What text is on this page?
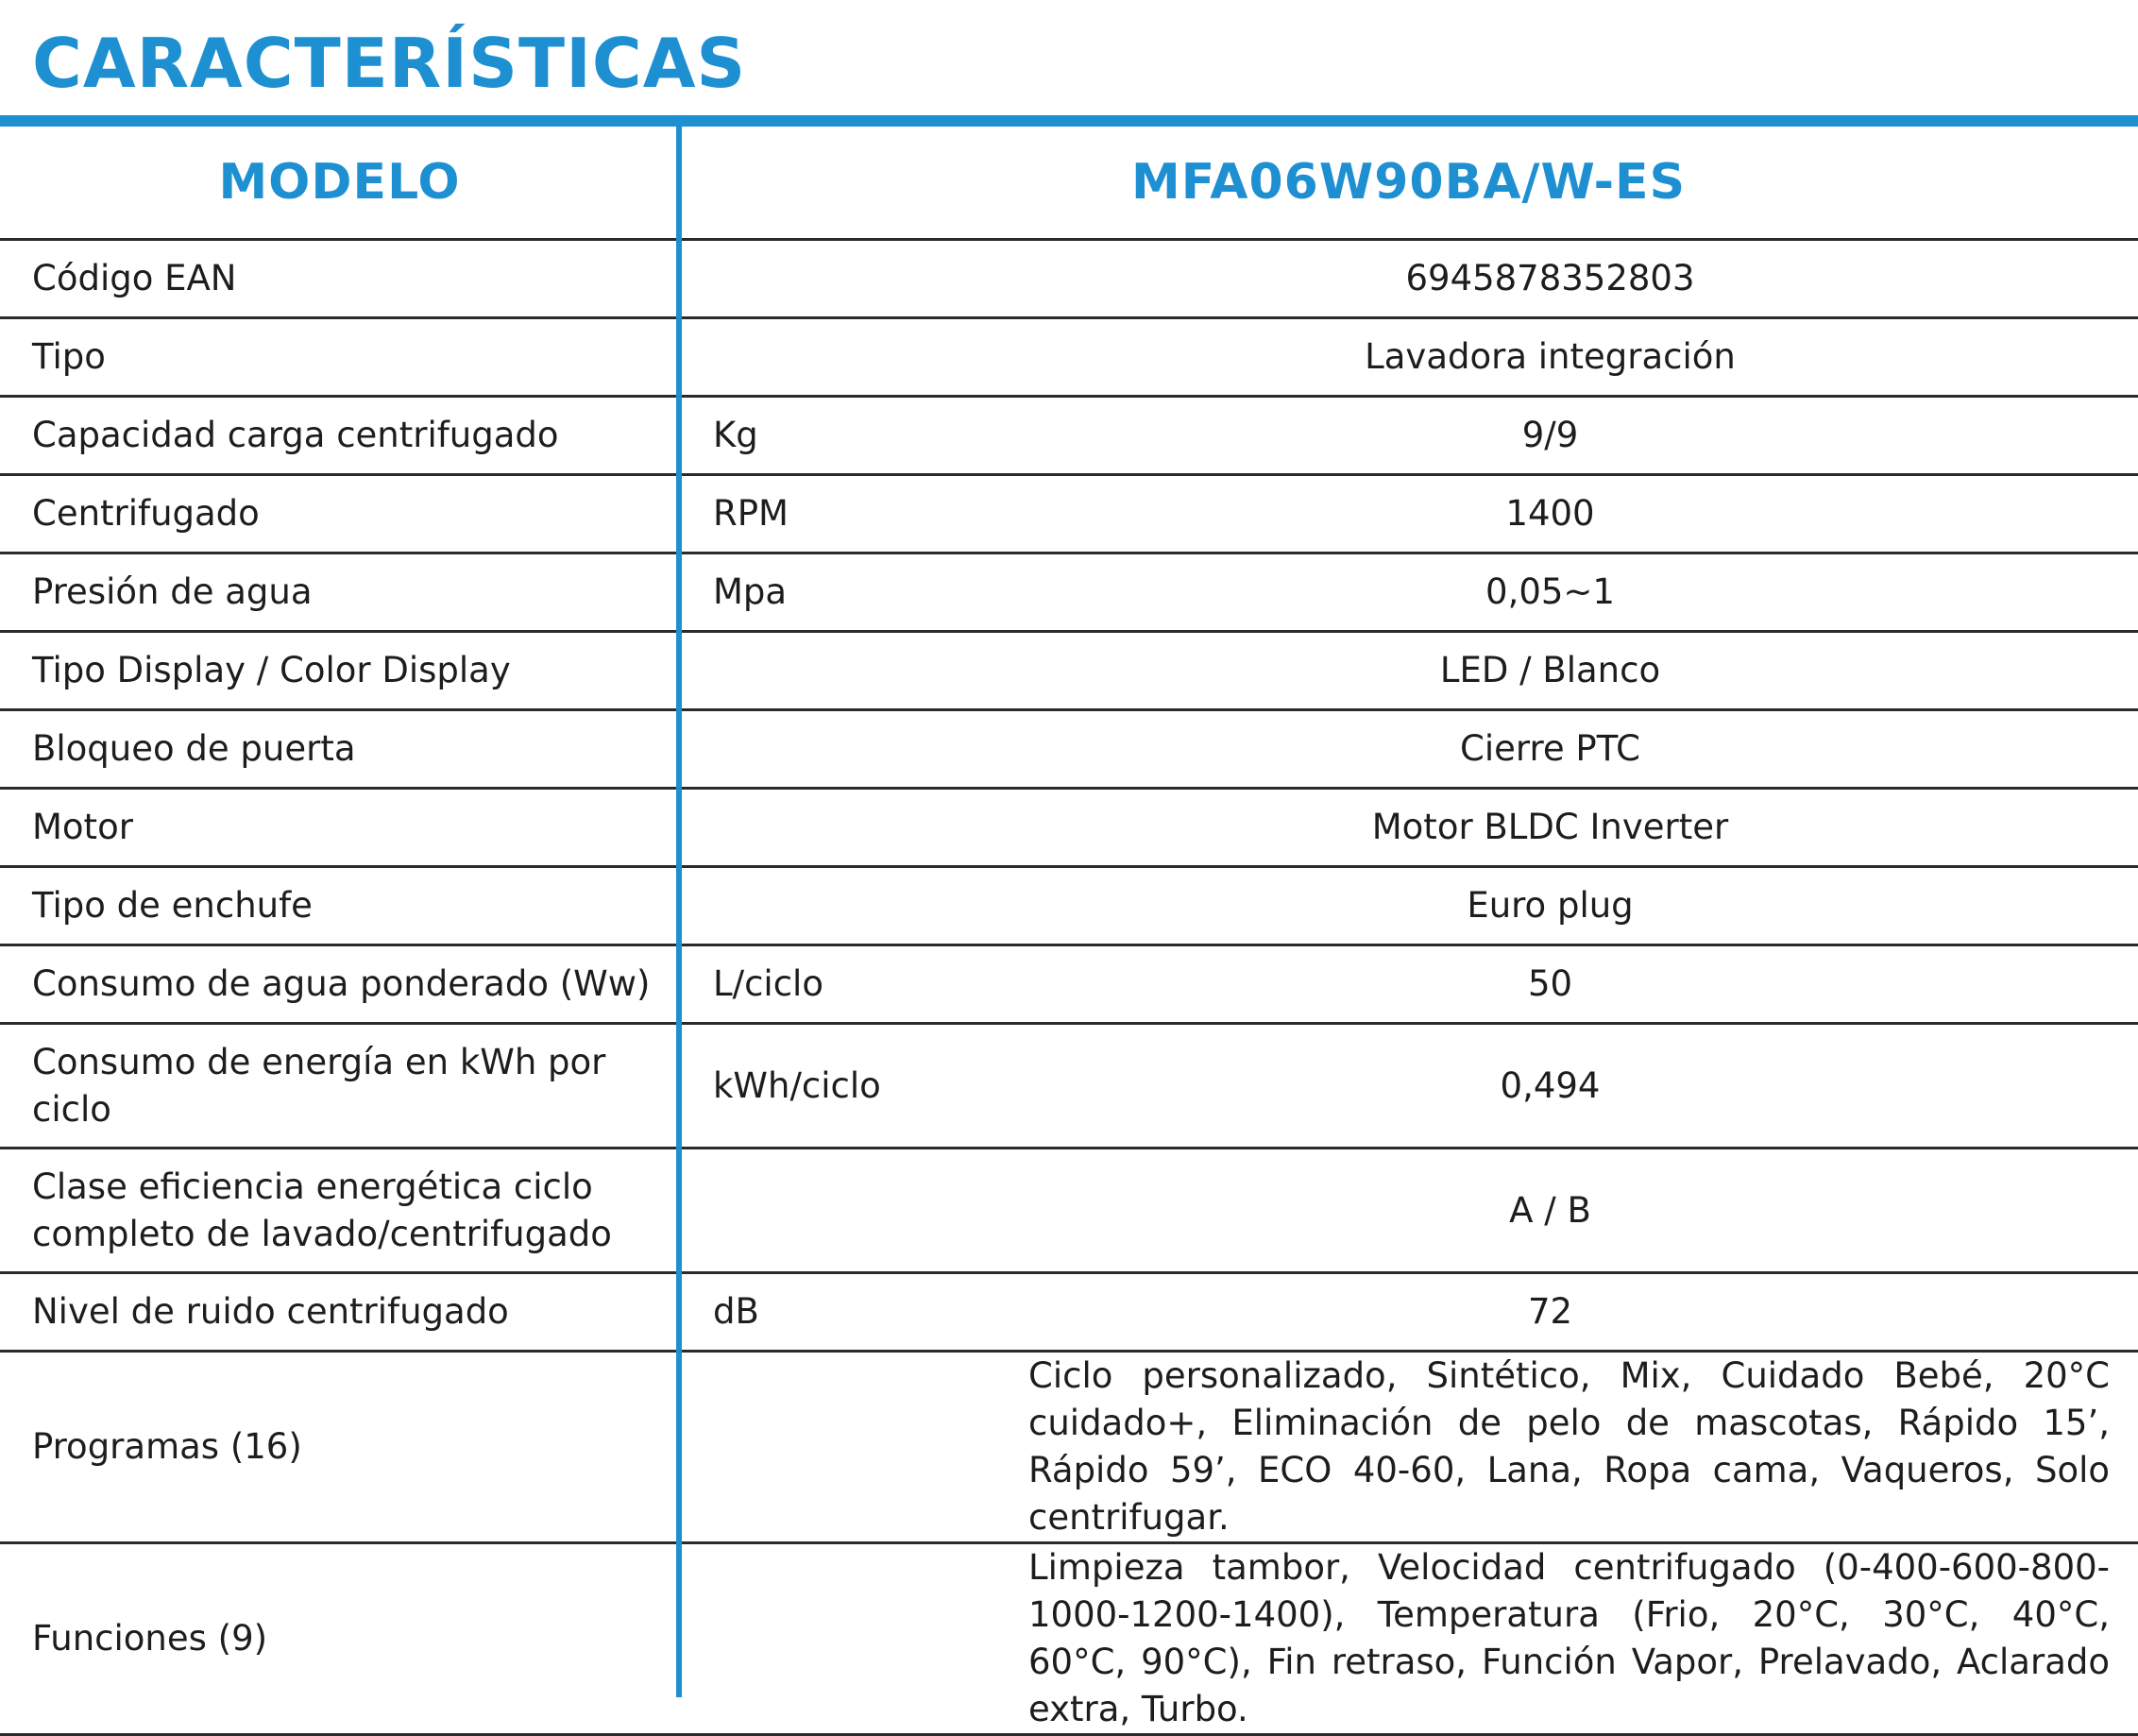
CARACTERÍSTICAS
MODELO	MFA06W90BA/W-ES	
Código EAN		6945878352803
Tipo		Lavadora integración
Capacidad carga centrifugado	Kg	9/9
Centrifugado	RPM	1400
Presión de agua	Mpa	0,05~1
Tipo Display / Color Display		LED / Blanco
Bloqueo de puerta		Cierre PTC
Motor		Motor BLDC Inverter
Tipo de enchufe		Euro plug
Consumo de agua ponderado (Ww)	L/ciclo	50
Consumo de energía en kWh por ciclo	kWh/ciclo	0,494
Clase eficiencia energética ciclo completo de lavado/centrifugado		A / B
Nivel de ruido centrifugado	dB	72
Programas (16)		Ciclo personalizado, Sintético, Mix, Cuidado Bebé, 20°C cuidado+, Eliminación de pelo de mascotas, Rápido 15’, Rápido 59’, ECO 40-60, Lana, Ropa cama, Vaqueros, Solo centrifugar.
Funciones (9)		Limpieza tambor, Velocidad centrifugado (0-400-600-800-1000-1200-1400), Temperatura (Frio, 20°C, 30°C, 40°C, 60°C, 90°C), Fin retraso, Función Vapor, Prelavado, Aclarado extra, Turbo.
